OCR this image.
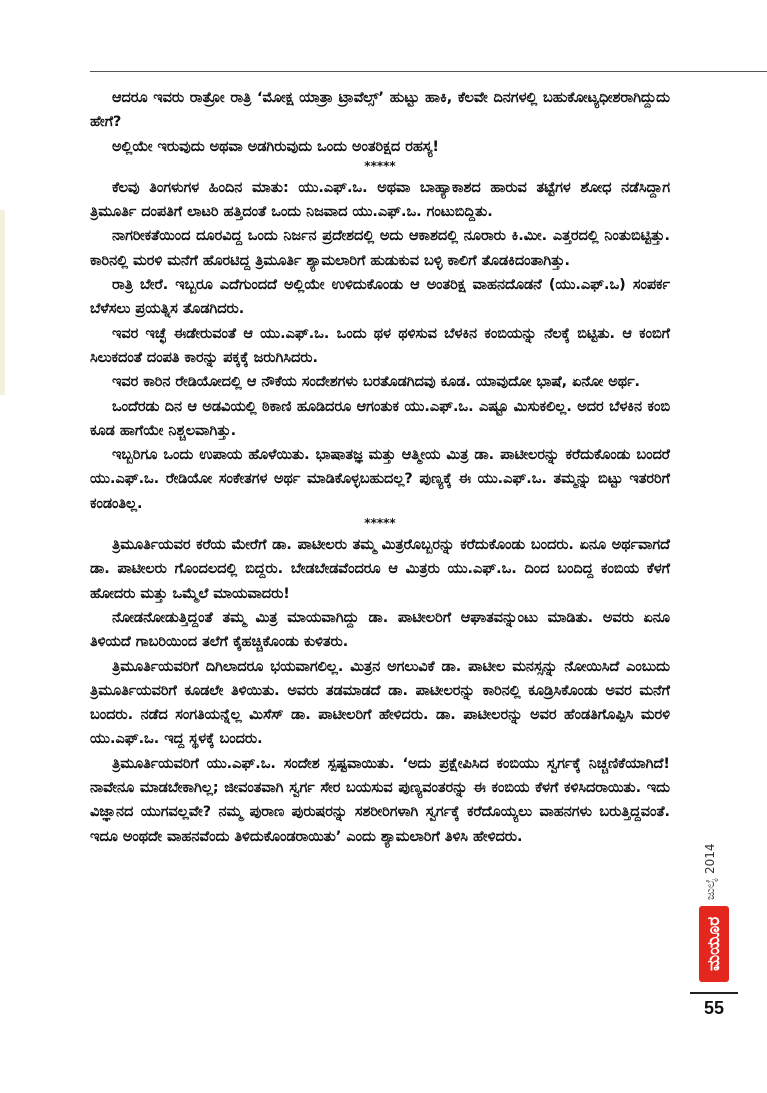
ಆದರೂ ಇವರು ರಾತ್ರೋ ರಾತ್ರಿ ‘ಮೋಕ್ಷ ಯಾತ್ರಾ ಟ್ರಾವೆಲ್ಸ್’ ಹುಟ್ಟು ಹಾಕಿ, ಕೆಲವೇ ದಿನಗಳಲ್ಲಿ ಬಹುಕೋಟ್ಯಧೀಶರಾಗಿದ್ದುದು ಹೇಗೆ?

ಅಲ್ಲಿಯೇ ಇರುವುದು ಅಥವಾ ಅಡಗಿರುವುದು ಒಂದು ಅಂತರಿಕ್ಷದ ರಹಸ್ಯ!

*****

ಕೆಲವು ತಿಂಗಳುಗಳ ಹಿಂದಿನ ಮಾತು: ಯು.ಎಫ್.ಒ. ಅಥವಾ ಬಾಹ್ಯಾಕಾಶದ ಹಾರುವ ತಟ್ಟೆಗಳ ಶೋಧ ನಡೆಸಿದ್ದಾಗ ತ್ರಿಮೂರ್ತಿ ದಂಪತಿಗೆ ಲಾಟರಿ ಹತ್ತಿದಂತೆ ಒಂದು ನಿಜವಾದ ಯು.ಎಫ್.ಒ. ಗಂಟುಬಿದ್ದಿತು.

ನಾಗರೀಕತೆಯಿಂದ ದೂರವಿದ್ದ ಒಂದು ನಿರ್ಜನ ಪ್ರದೇಶದಲ್ಲಿ ಅದು ಆಕಾಶದಲ್ಲಿ ನೂರಾರು ಕಿ.ಮೀ. ಎತ್ತರದಲ್ಲಿ ನಿಂತುಬಿಟ್ಟಿತ್ತು. ಕಾರಿನಲ್ಲಿ ಮರಳಿ ಮನೆಗೆ ಹೊರಟಿದ್ದ ತ್ರಿಮೂರ್ತಿ ಶ್ಯಾಮಲಾರಿಗೆ ಹುಡುಕುವ ಬಳ್ಳಿ ಕಾಲಿಗೆ ತೊಡಕಿದಂತಾಗಿತ್ತು.

ರಾತ್ರಿ ಬೇರೆ. ಇಬ್ಬರೂ ಎದೆಗುಂದದೆ ಅಲ್ಲಿಯೇ ಉಳಿದುಕೊಂಡು ಆ ಅಂತರಿಕ್ಷ ವಾಹನದೊಡನೆ (ಯು.ಎಫ್.ಒ) ಸಂಪರ್ಕ ಬೆಳೆಸಲು ಪ್ರಯತ್ನಿಸ ತೊಡಗಿದರು.

ಇವರ ಇಚ್ಛೆ ಈಡೇರುವಂತೆ ಆ ಯು.ಎಫ್.ಒ. ಒಂದು ಥಳ ಥಳಿಸುವ ಬೆಳಕಿನ ಕಂಬಿಯನ್ನು ನೆಲಕ್ಕೆ ಬಿಟ್ಟಿತು. ಆ ಕಂಬಿಗೆ ಸಿಲುಕದಂತೆ ದಂಪತಿ ಕಾರನ್ನು ಪಕ್ಕಕ್ಕೆ ಜರುಗಿಸಿದರು.

ಇವರ ಕಾರಿನ ರೇಡಿಯೋದಲ್ಲಿ ಆ ನೌಕೆಯ ಸಂದೇಶಗಳು ಬರತೊಡಗಿದವು ಕೂಡ. ಯಾವುದೋ ಭಾಷೆ, ಏನೋ ಅರ್ಥ.

ಒಂದೆರಡು ದಿನ ಆ ಅಡವಿಯಲ್ಲಿ ಠಿಕಾಣಿ ಹೂಡಿದರೂ ಆಗಂತುಕ ಯು.ಎಫ್.ಒ. ಎಷ್ಟೂ ಮಿಸುಕಲಿಲ್ಲ. ಅದರ ಬೆಳಕಿನ ಕಂಬಿ ಕೂಡ ಹಾಗೆಯೇ ನಿಶ್ಚಲವಾಗಿತ್ತು.

ಇಬ್ಬರಿಗೂ ಒಂದು ಉಪಾಯ ಹೊಳೆಯಿತು. ಭಾಷಾತಜ್ಞ ಮತ್ತು ಆತ್ಮೀಯ ಮಿತ್ರ ಡಾ. ಪಾಟೀಲರನ್ನು ಕರೆದುಕೊಂಡು ಬಂದರೆ ಯು.ಎಫ್.ಒ. ರೇಡಿಯೋ ಸಂಕೇತಗಳ ಅರ್ಥ ಮಾಡಿಕೊಳ್ಳಬಹುದಲ್ಲ? ಪುಣ್ಯಕ್ಕೆ ಈ ಯು.ಎಫ್.ಒ. ತಮ್ಮನ್ನು ಬಿಟ್ಟು ಇತರರಿಗೆ ಕಂಡಂತಿಲ್ಲ.

*****

ತ್ರಿಮೂರ್ತಿಯವರ ಕರೆಯ ಮೇರೆಗೆ ಡಾ. ಪಾಟೀಲರು ತಮ್ಮ ಮಿತ್ರರೊಬ್ಬರನ್ನು ಕರೆದುಕೊಂಡು ಬಂದರು. ಏನೂ ಅರ್ಥವಾಗದೆ ಡಾ. ಪಾಟೀಲರು ಗೊಂದಲದಲ್ಲಿ ಬಿದ್ದರು. ಬೇಡಬೇಡವೆಂದರೂ ಆ ಮಿತ್ರರು ಯು.ಎಫ್.ಒ. ದಿಂದ ಬಂದಿದ್ದ ಕಂಬಿಯ ಕೆಳಗೆ ಹೋದರು ಮತ್ತು ಒಮ್ಮೆಲೆ ಮಾಯವಾದರು!

ನೋಡನೋಡುತ್ತಿದ್ದಂತೆ ತಮ್ಮ ಮಿತ್ರ ಮಾಯವಾಗಿದ್ದು ಡಾ. ಪಾಟೀಲರಿಗೆ ಆಘಾತವನ್ನುಂಟು ಮಾಡಿತು. ಅವರು ಏನೂ ತಿಳಿಯದೆ ಗಾಬರಿಯಿಂದ ತಲೆಗೆ ಕೈಹಚ್ಚಿಕೊಂಡು ಕುಳಿತರು.

ತ್ರಿಮೂರ್ತಿಯವರಿಗೆ ದಿಗಿಲಾದರೂ ಭಯವಾಗಲಿಲ್ಲ. ಮಿತ್ರನ ಅಗಲುವಿಕೆ ಡಾ. ಪಾಟೀಲ ಮನಸ್ಸನ್ನು ನೋಯಿಸಿದೆ ಎಂಬುದು ತ್ರಿಮೂರ್ತಿಯವರಿಗೆ ಕೂಡಲೇ ತಿಳಿಯಿತು. ಅವರು ತಡಮಾಡದೆ ಡಾ. ಪಾಟೀಲರನ್ನು ಕಾರಿನಲ್ಲಿ ಕೂಡ್ರಿಸಿಕೊಂಡು ಅವರ ಮನೆಗೆ ಬಂದರು. ನಡೆದ ಸಂಗತಿಯನ್ನೆಲ್ಲ ಮಿಸೆಸ್ ಡಾ. ಪಾಟೀಲರಿಗೆ ಹೇಳಿದರು. ಡಾ. ಪಾಟೀಲರನ್ನು ಅವರ ಹೆಂಡತಿಗೊಪ್ಪಿಸಿ ಮರಳಿ ಯು.ಎಫ್.ಒ. ಇದ್ದ ಸ್ಥಳಕ್ಕೆ ಬಂದರು.

ತ್ರಿಮೂರ್ತಿಯವರಿಗೆ ಯು.ಎಫ್.ಒ. ಸಂದೇಶ ಸ್ಪಷ್ಟವಾಯಿತು. ‘ಅದು ಪ್ರಕ್ಷೇಪಿಸಿದ ಕಂಬಿಯು ಸ್ವರ್ಗಕ್ಕೆ ನಿಚ್ಚಣಿಕೆಯಾಗಿದೆ! ನಾವೇನೂ ಮಾಡಬೇಕಾಗಿಲ್ಲ; ಜೀವಂತವಾಗಿ ಸ್ವರ್ಗ ಸೇರ ಬಯಸುವ ಪುಣ್ಯವಂತರನ್ನು ಈ ಕಂಬಿಯ ಕೆಳಗೆ ಕಳಿಸಿದರಾಯಿತು. ಇದು ವಿಜ್ಞಾನದ ಯುಗವಲ್ಲವೇ? ನಮ್ಮ ಪುರಾಣ ಪುರುಷರನ್ನು ಸಶರೀರಿಗಳಾಗಿ ಸ್ವರ್ಗಕ್ಕೆ ಕರೆದೊಯ್ಯಲು ವಾಹನಗಳು ಬರುತ್ತಿದ್ದವಂತೆ. ಇದೂ ಅಂಥದೇ ವಾಹನವೆಂದು ತಿಳಿದುಕೊಂಡರಾಯಿತು’ ಎಂದು ಶ್ಯಾಮಲಾರಿಗೆ ತಿಳಿಸಿ ಹೇಳಿದರು.

ಜುಲೈ 2014
ಮಯೂರ
55
